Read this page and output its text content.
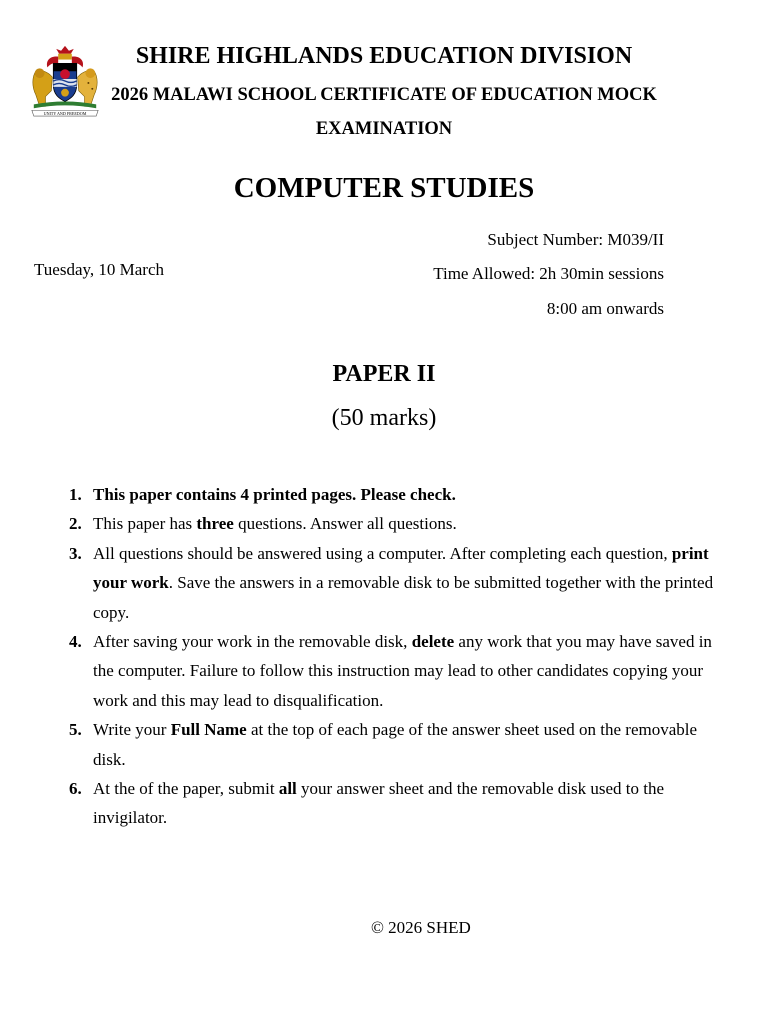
UNITY AND FREEDOM
SHIRE HIGHLANDS EDUCATION DIVISION
2026 MALAWI SCHOOL CERTIFICATE OF EDUCATION MOCK
EXAMINATION
COMPUTER STUDIES
Tuesday, 10 March
Subject Number: M039/II
Time Allowed: 2h 30min sessions
8:00 am onwards
PAPER II
(50 marks)
1. This paper contains 4 printed pages. Please check.
2. This paper has three questions. Answer all questions.
3. All questions should be answered using a computer. After completing each question, print your work. Save the answers in a removable disk to be submitted together with the printed copy.
4. After saving your work in the removable disk, delete any work that you may have saved in the computer. Failure to follow this instruction may lead to other candidates copying your work and this may lead to disqualification.
5. Write your Full Name at the top of each page of the answer sheet used on the removable disk.
6. At the of the paper, submit all your answer sheet and the removable disk used to the invigilator.
© 2026 SHED
